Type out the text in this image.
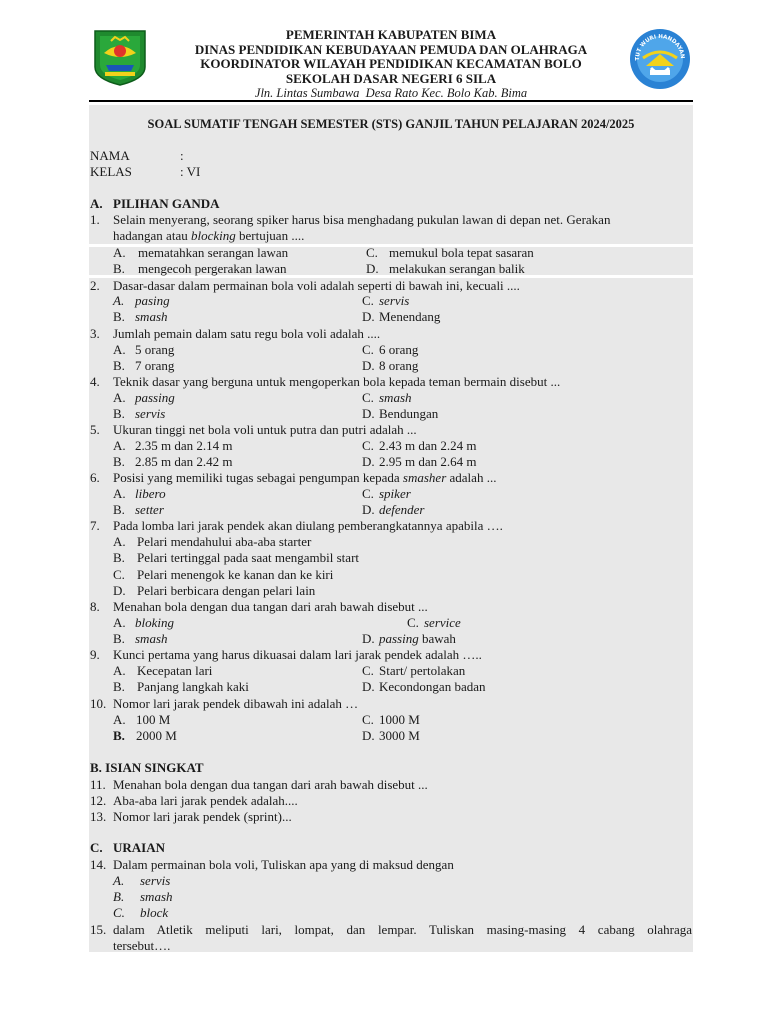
PEMERINTAH KABUPATEN BIMA
DINAS PENDIDIKAN KEBUDAYAAN PEMUDA DAN OLAHRAGA
KOORDINATOR WILAYAH PENDIDIKAN KECAMATAN BOLO
SEKOLAH DASAR NEGERI 6 SILA
Jln. Lintas Sumbawa  Desa Rato Kec. Bolo Kab. Bima
TUT WURI HANDAYAN
SOAL SUMATIF TENGAH SEMESTER (STS) GANJIL TAHUN PELAJARAN 2024/2025
NAMA	:
KELAS	: VI
A. PILIHAN GANDA
1. Selain menyerang, seorang spiker harus bisa menghadang pukulan lawan di depan net. Gerakan
hadangan atau blocking bertujuan ....
A. mematahkan serangan lawan	C. memukul bola tepat sasaran
B. mengecoh pergerakan lawan	D. melakukan serangan balik
2. Dasar-dasar dalam permainan bola voli adalah seperti di bawah ini, kecuali ....
A. pasing	C. servis
B. smash	D. Menendang
3. Jumlah pemain dalam satu regu bola voli adalah ....
A. 5 orang	C. 6 orang
B. 7 orang	D. 8 orang
4. Teknik dasar yang berguna untuk mengoperkan bola kepada teman bermain disebut ...
A. passing	C. smash
B. servis	D. Bendungan
5. Ukuran tinggi net bola voli untuk putra dan putri adalah ...
A. 2.35 m dan 2.14 m	C. 2.43 m dan 2.24 m
B. 2.85 m dan 2.42 m	D. 2.95 m dan 2.64 m
6. Posisi yang memiliki tugas sebagai pengumpan kepada smasher adalah ...
A. libero	C. spiker
B. setter	D. defender
7. Pada lomba lari jarak pendek akan diulang pemberangkatannya apabila ….
A. Pelari mendahului aba-aba starter
B. Pelari tertinggal pada saat mengambil start
C. Pelari menengok ke kanan dan ke kiri
D. Pelari berbicara dengan pelari lain
8. Menahan bola dengan dua tangan dari arah bawah disebut ...
A. bloking	C. service
B. smash	D. passing bawah
9. Kunci pertama yang harus dikuasai dalam lari jarak pendek adalah …..
A. Kecepatan lari	C. Start/ pertolakan
B. Panjang langkah kaki	D. Kecondongan badan
10. Nomor lari jarak pendek dibawah ini adalah …
A. 100 M	C. 1000 M
B. 2000 M	D. 3000 M
B. ISIAN SINGKAT
11. Menahan bola dengan dua tangan dari arah bawah disebut ...
12. Aba-aba lari jarak pendek adalah....
13. Nomor lari jarak pendek (sprint)...
C. URAIAN
14. Dalam permainan bola voli, Tuliskan apa yang di maksud dengan
A. servis
B. smash
C. block
15. dalam Atletik meliputi lari, lompat, dan lempar. Tuliskan masing-masing 4 cabang olahraga
tersebut….
